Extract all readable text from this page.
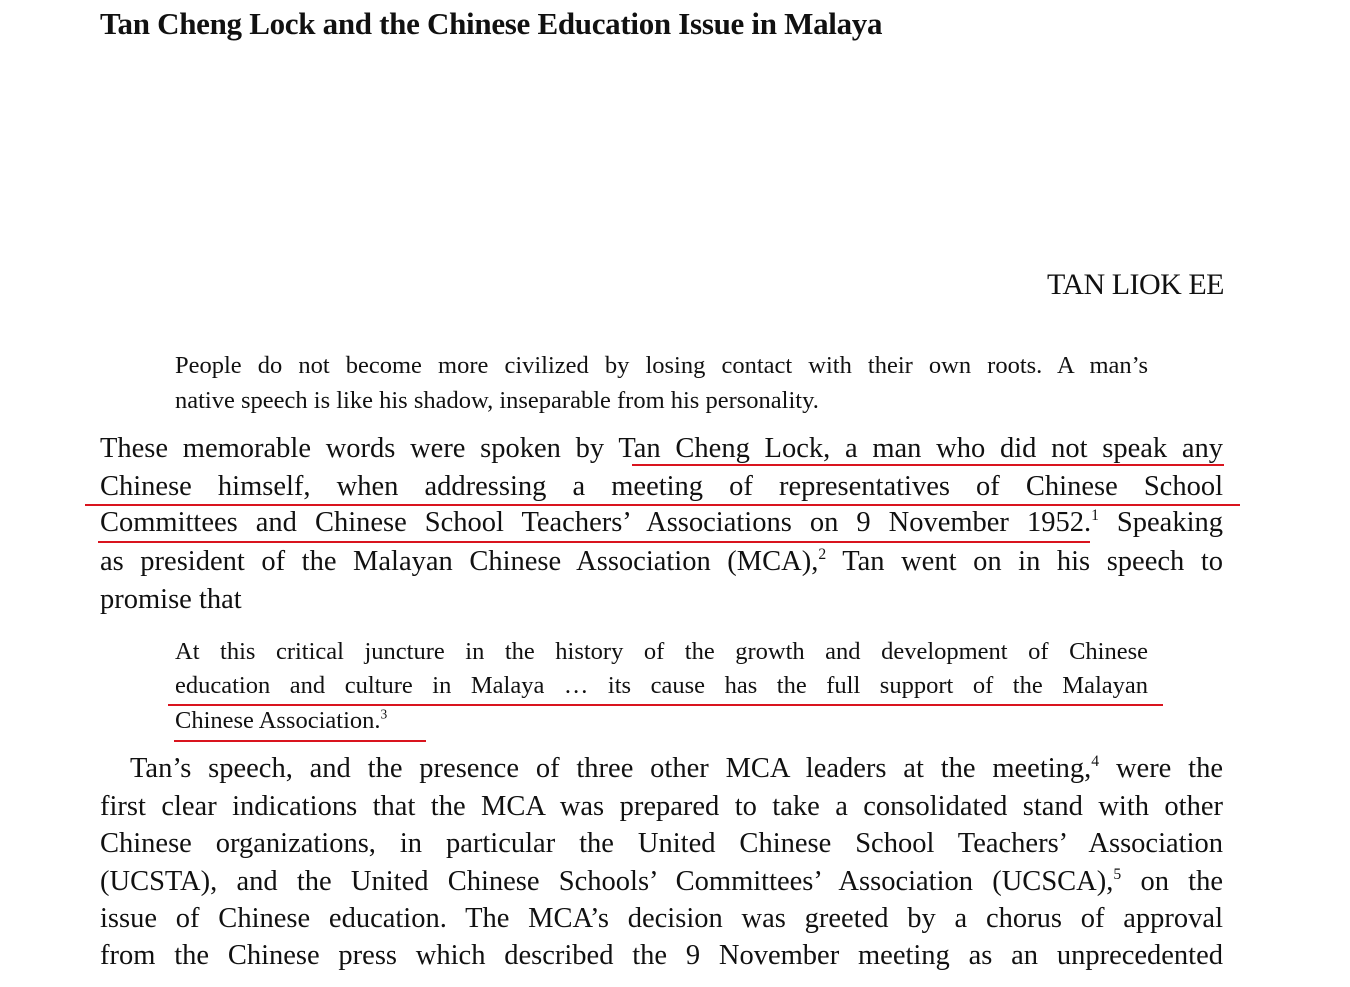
Tan Cheng Lock and the Chinese Education Issue in Malaya
TAN LIOK EE
People do not become more civilized by losing contact with their own roots. A man’s
native speech is like his shadow, inseparable from his personality.
These memorable words were spoken by Tan Cheng Lock, a man who did not speak any
Chinese himself, when addressing a meeting of representatives of Chinese School
Committees and Chinese School Teachers’ Associations on 9 November 1952.$^1$ Speaking
as president of the Malayan Chinese Association (MCA),$^2$ Tan went on in his speech to
promise that
At this critical juncture in the history of the growth and development of Chinese
education and culture in Malaya … its cause has the full support of the Malayan
Chinese Association.$^3$
Tan’s speech, and the presence of three other MCA leaders at the meeting,$^4$ were the
first clear indications that the MCA was prepared to take a consolidated stand with other
Chinese organizations, in particular the United Chinese School Teachers’ Association
(UCSTA), and the United Chinese Schools’ Committees’ Association (UCSCA),$^5$ on the
issue of Chinese education. The MCA’s decision was greeted by a chorus of approval
from the Chinese press which described the 9 November meeting as an unprecedented
